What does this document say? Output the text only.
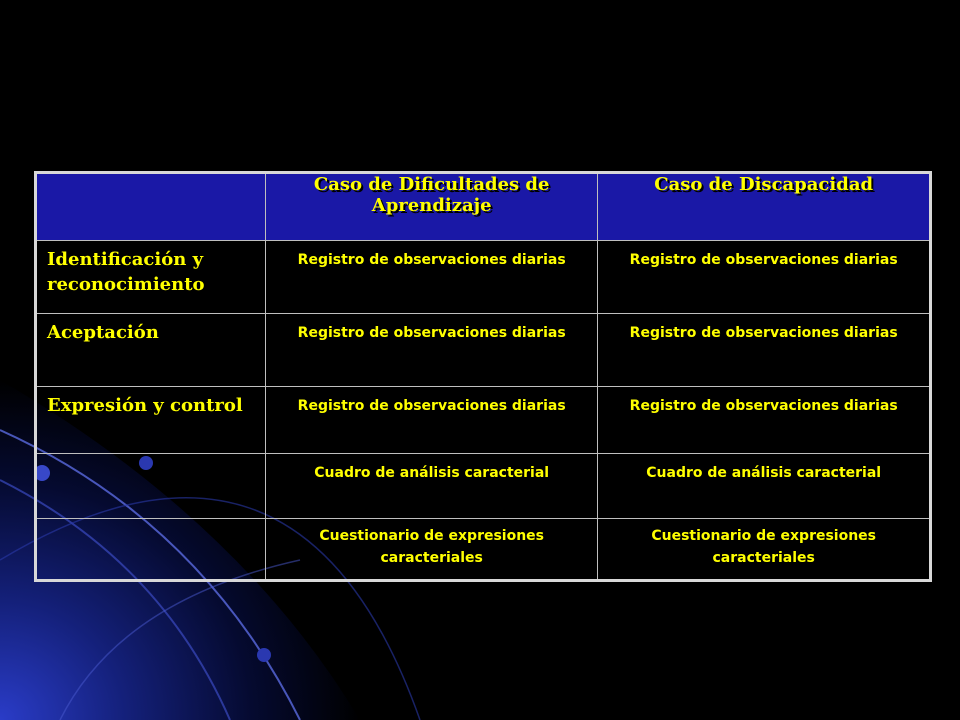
	Caso de Dificultades de Aprendizaje	Caso de Discapacidad

Identificación y reconocimiento	Registro de observaciones diarias	Registro de observaciones diarias

Aceptación	Registro de observaciones diarias	Registro de observaciones diarias

Expresión y control	Registro de observaciones diarias	Registro de observaciones diarias

	Cuadro de análisis caracterial	Cuadro de análisis caracterial

	Cuestionario de expresiones caracteriales	Cuestionario de expresiones caracteriales
